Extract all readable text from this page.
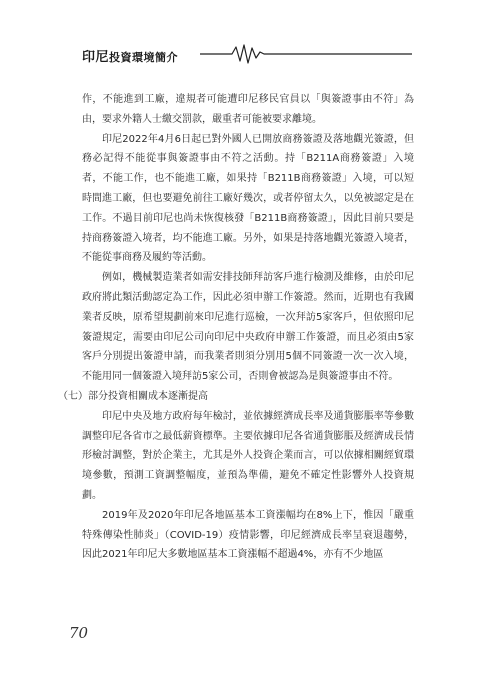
印尼投資環境簡介

作，不能進到工廠，違規者可能遭印尼移民官員以「與簽證事由不符」為由，要求外籍人士繳交罰款，嚴重者可能被要求離境。

印尼2022年4月6日起已對外國人已開放商務簽證及落地觀光簽證，但務必記得不能從事與簽證事由不符之活動。持「B211A商務簽證」入境者，不能工作，也不能進工廠，如果持「B211B商務簽證」入境，可以短時間進工廠，但也要避免前往工廠好幾次，或者停留太久，以免被認定是在工作。不過目前印尼也尚未恢復核發「B211B商務簽證」，因此目前只要是持商務簽證入境者，均不能進工廠。另外，如果是持落地觀光簽證入境者，不能從事商務及履約等活動。

例如，機械製造業者如需安排技師拜訪客戶進行檢測及維修，由於印尼政府將此類活動認定為工作，因此必須申辦工作簽證。然而，近期也有我國業者反映，原希望規劃前來印尼進行巡檢，一次拜訪5家客戶，但依照印尼簽證規定，需要由印尼公司向印尼中央政府申辦工作簽證，而且必須由5家客戶分別提出簽證申請，而我業者則須分別用5個不同簽證一次一次入境，不能用同一個簽證入境拜訪5家公司，否則會被認為是與簽證事由不符。

（七）部分投資相關成本逐漸提高

印尼中央及地方政府每年檢討，並依據經濟成長率及通貨膨脹率等參數調整印尼各省市之最低薪資標準。主要依據印尼各省通貨膨脹及經濟成長情形檢討調整，對於企業主，尤其是外人投資企業而言，可以依據相關經貿環境參數，預測工資調整幅度，並預為準備，避免不確定性影響外人投資規劃。

2019年及2020年印尼各地區基本工資漲幅均在8%上下，惟因「嚴重特殊傳染性肺炎」（COVID-19）疫情影響，印尼經濟成長率呈衰退趨勢，因此2021年印尼大多數地區基本工資漲幅不超過4%，亦有不少地區

70
